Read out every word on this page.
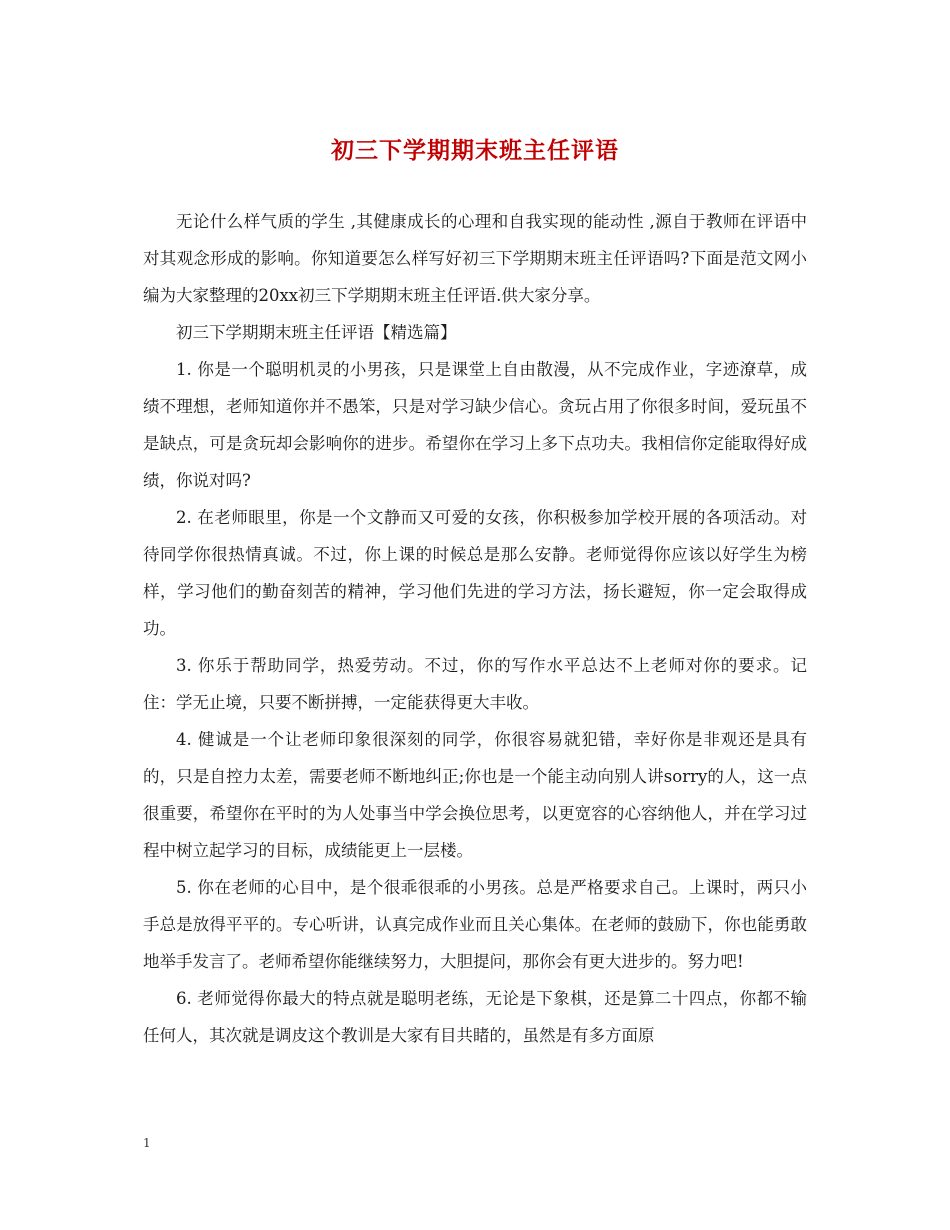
初三下学期期末班主任评语

无论什么样气质的学生 ,其健康成长的心理和自我实现的能动性 ,源自于教师在评语中对其观念形成的影响。你知道要怎么样写好初三下学期期末班主任评语吗?下面是范文网小编为大家整理的20xx初三下学期期末班主任评语.供大家分享。

初三下学期期末班主任评语【精选篇】

1. 你是一个聪明机灵的小男孩，只是课堂上自由散漫，从不完成作业，字迹潦草，成绩不理想，老师知道你并不愚笨，只是对学习缺少信心。贪玩占用了你很多时间，爱玩虽不是缺点，可是贪玩却会影响你的进步。希望你在学习上多下点功夫。我相信你定能取得好成绩，你说对吗?

2. 在老师眼里，你是一个文静而又可爱的女孩，你积极参加学校开展的各项活动。对待同学你很热情真诚。不过，你上课的时候总是那么安静。老师觉得你应该以好学生为榜样，学习他们的勤奋刻苦的精神，学习他们先进的学习方法，扬长避短，你一定会取得成功。

3. 你乐于帮助同学，热爱劳动。不过，你的写作水平总达不上老师对你的要求。记住：学无止境，只要不断拼搏，一定能获得更大丰收。

4. 健诚是一个让老师印象很深刻的同学，你很容易就犯错，幸好你是非观还是具有的，只是自控力太差，需要老师不断地纠正;你也是一个能主动向别人讲sorry的人，这一点很重要，希望你在平时的为人处事当中学会换位思考，以更宽容的心容纳他人，并在学习过程中树立起学习的目标，成绩能更上一层楼。

5. 你在老师的心目中，是个很乖很乖的小男孩。总是严格要求自己。上课时，两只小手总是放得平平的。专心听讲，认真完成作业而且关心集体。在老师的鼓励下，你也能勇敢地举手发言了。老师希望你能继续努力，大胆提问，那你会有更大进步的。努力吧!

6. 老师觉得你最大的特点就是聪明老练，无论是下象棋，还是算二十四点，你都不输任何人，其次就是调皮这个教训是大家有目共睹的，虽然是有多方面原

1
